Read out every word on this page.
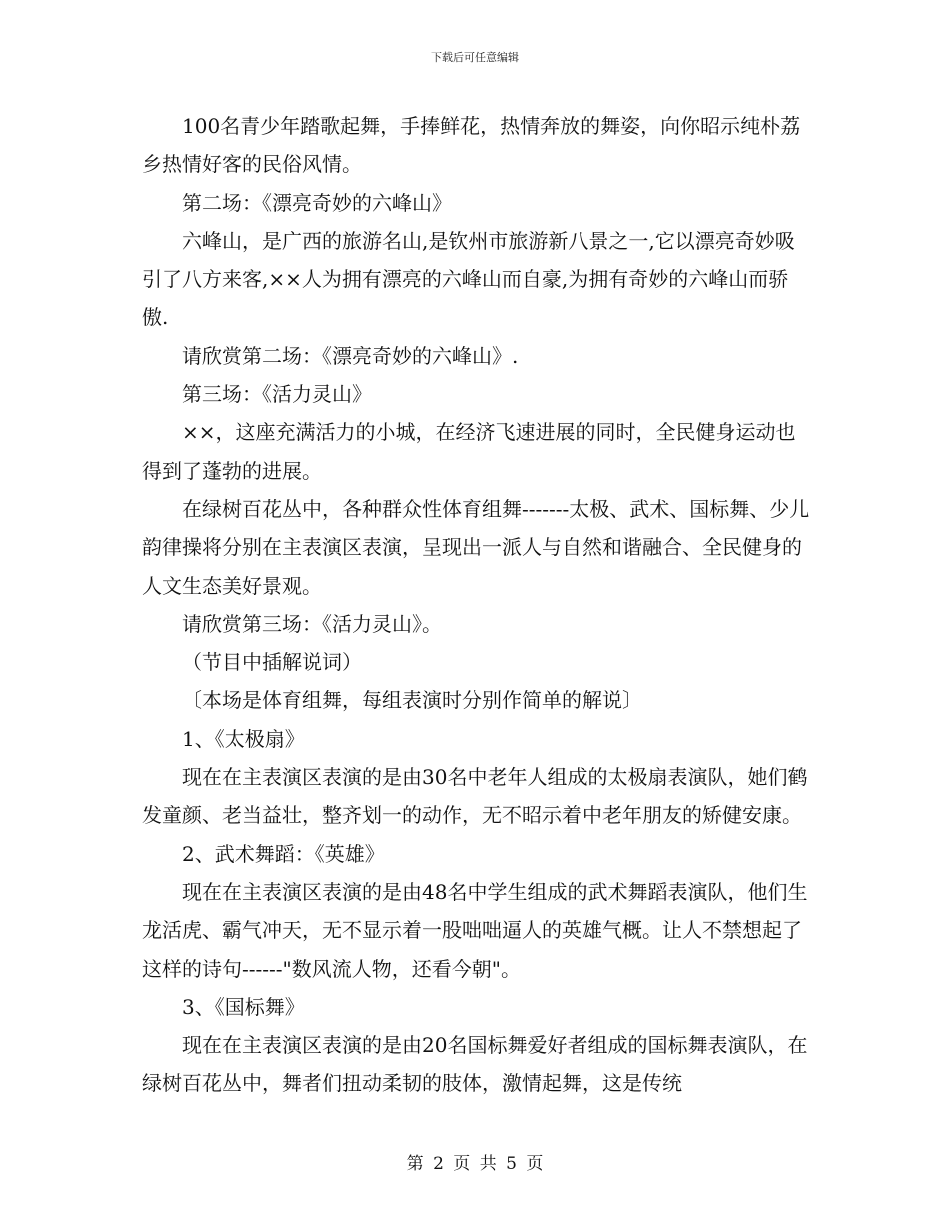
下载后可任意编辑

100名青少年踏歌起舞，手捧鲜花，热情奔放的舞姿，向你昭示纯朴荔乡热情好客的民俗风情。

第二场：《漂亮奇妙的六峰山》

六峰山，是广西的旅游名山,是钦州市旅游新八景之一,它以漂亮奇妙吸引了八方来客,××人为拥有漂亮的六峰山而自豪,为拥有奇妙的六峰山而骄傲.

请欣赏第二场：《漂亮奇妙的六峰山》.

第三场：《活力灵山》

××，这座充满活力的小城，在经济飞速进展的同时，全民健身运动也得到了蓬勃的进展。

在绿树百花丛中，各种群众性体育组舞-------太极、武术、国标舞、少儿韵律操将分别在主表演区表演，呈现出一派人与自然和谐融合、全民健身的人文生态美好景观。

请欣赏第三场：《活力灵山》。

（节目中插解说词）

〔本场是体育组舞，每组表演时分别作简单的解说〕

1、《太极扇》

现在在主表演区表演的是由30名中老年人组成的太极扇表演队，她们鹤发童颜、老当益壮，整齐划一的动作，无不昭示着中老年朋友的矫健安康。

2、武术舞蹈：《英雄》

现在在主表演区表演的是由48名中学生组成的武术舞蹈表演队，他们生龙活虎、霸气冲天，无不显示着一股咄咄逼人的英雄气概。让人不禁想起了这样的诗句------"数风流人物，还看今朝"。

3、《国标舞》

现在在主表演区表演的是由20名国标舞爱好者组成的国标舞表演队，在绿树百花丛中，舞者们扭动柔韧的肢体，激情起舞，这是传统

第 2 页 共 5 页
